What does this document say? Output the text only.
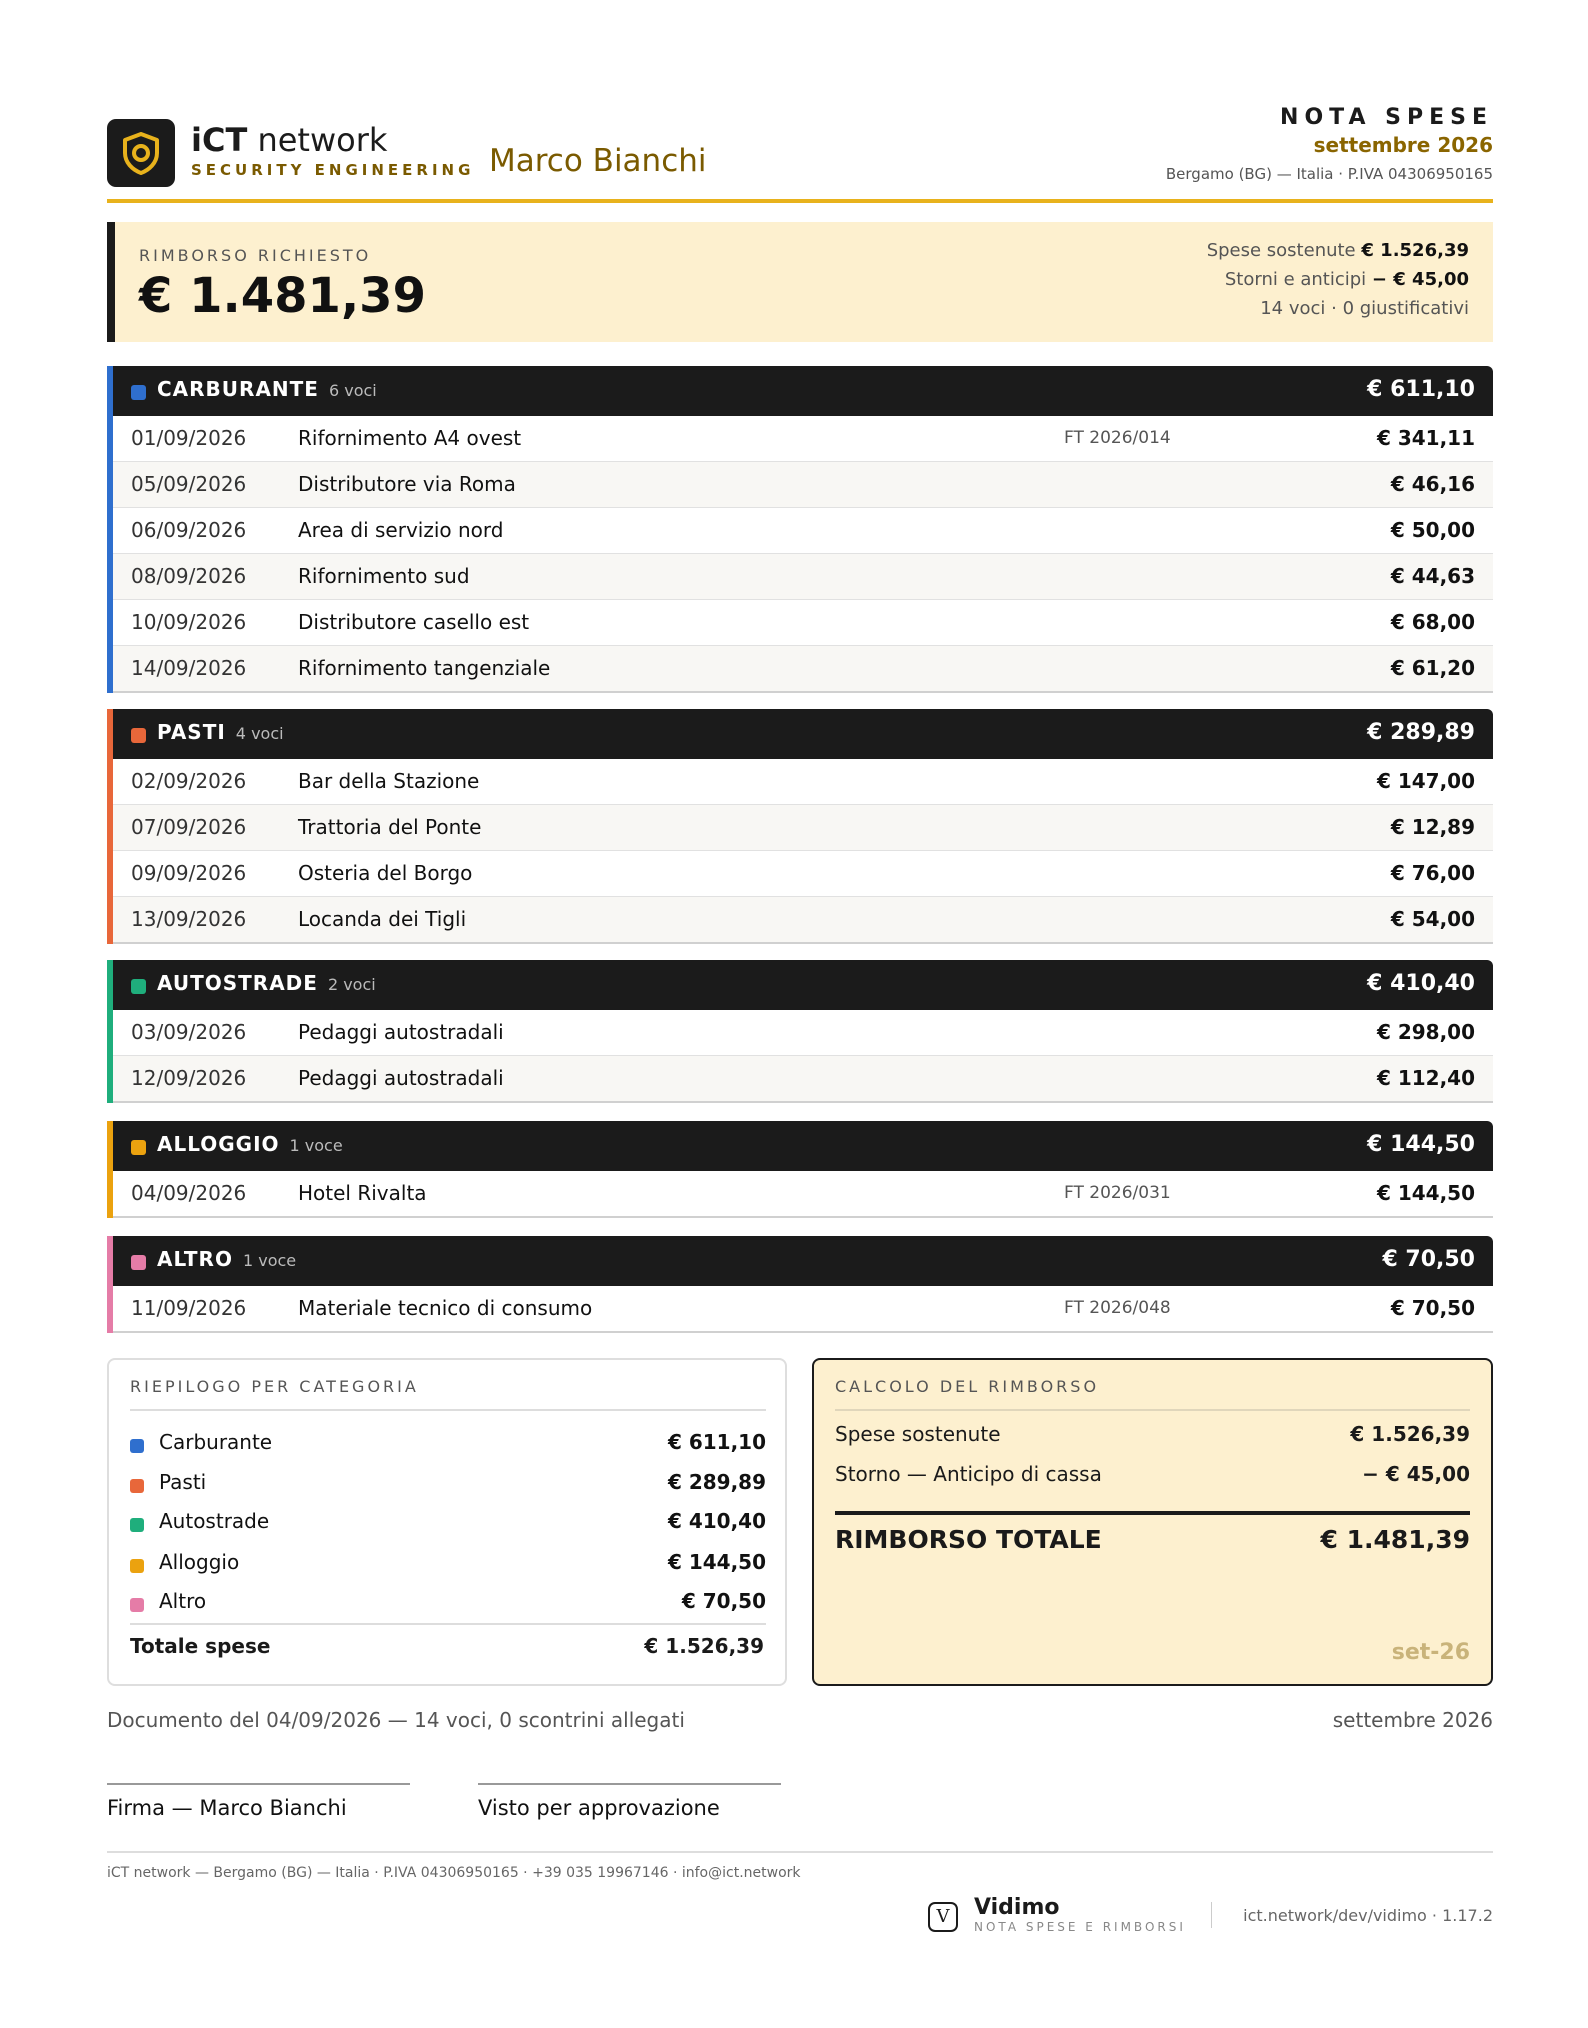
iCT network
SECURITY ENGINEERING Marco Bianchi
NOTA SPESE
settembre 2026
Bergamo (BG) — Italia · P.IVA 04306950165
RIMBORSO RICHIESTO
€ 1.481,39
Spese sostenute € 1.526,39
Storni e anticipi − € 45,00
14 voci · 0 giustificativi
CARBURANTE 6 voci	€ 611,10
01/09/2026	Rifornimento A4 ovest	FT 2026/014	€ 341,11
05/09/2026	Distributore via Roma	€ 46,16
06/09/2026	Area di servizio nord	€ 50,00
08/09/2026	Rifornimento sud	€ 44,63
10/09/2026	Distributore casello est	€ 68,00
14/09/2026	Rifornimento tangenziale	€ 61,20
PASTI 4 voci	€ 289,89
02/09/2026	Bar della Stazione	€ 147,00
07/09/2026	Trattoria del Ponte	€ 12,89
09/09/2026	Osteria del Borgo	€ 76,00
13/09/2026	Locanda dei Tigli	€ 54,00
AUTOSTRADE 2 voci	€ 410,40
03/09/2026	Pedaggi autostradali	€ 298,00
12/09/2026	Pedaggi autostradali	€ 112,40
ALLOGGIO 1 voce	€ 144,50
04/09/2026	Hotel Rivalta	FT 2026/031	€ 144,50
ALTRO 1 voce	€ 70,50
11/09/2026	Materiale tecnico di consumo	FT 2026/048	€ 70,50
RIEPILOGO PER CATEGORIA
Carburante	€ 611,10
Pasti	€ 289,89
Autostrade	€ 410,40
Alloggio	€ 144,50
Altro	€ 70,50
Totale spese	€ 1.526,39
CALCOLO DEL RIMBORSO
Spese sostenute	€ 1.526,39
Storno — Anticipo di cassa	− € 45,00
RIMBORSO TOTALE	€ 1.481,39
set-26
Documento del 04/09/2026 — 14 voci, 0 scontrini allegati	settembre 2026
Firma — Marco Bianchi	Visto per approvazione
iCT network — Bergamo (BG) — Italia · P.IVA 04306950165 · +39 035 19967146 · info@ict.network
V	Vidimo
NOTA SPESE E RIMBORSI
ict.network/dev/vidimo · 1.17.2
